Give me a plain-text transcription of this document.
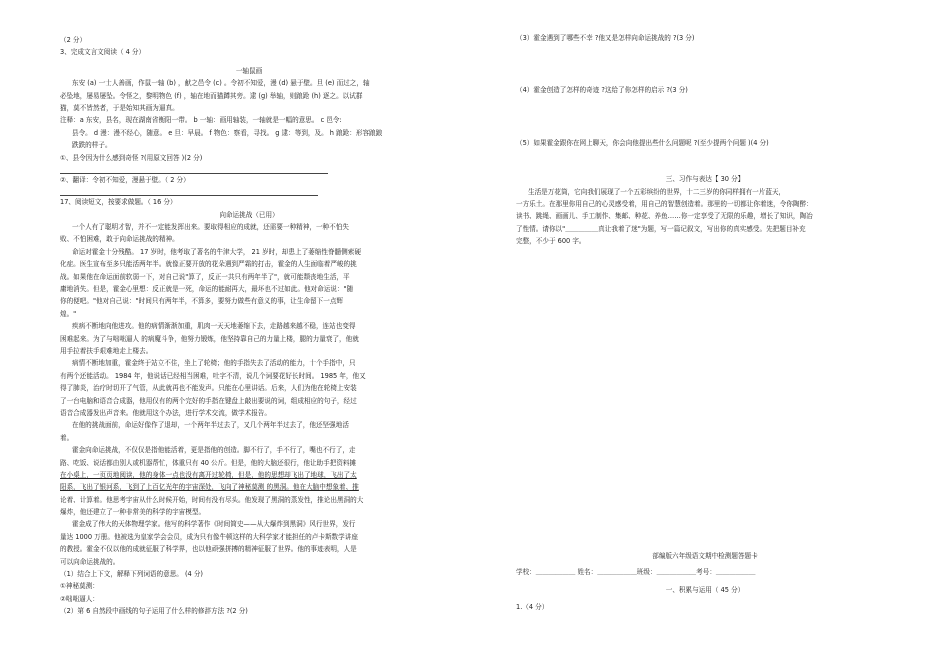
（2 分）
3、完成文言文阅读（ 4 分）
一轴鼠画
东安 (a) 一士人善画，作鼠一轴 (b) ，献之邑令 (c) 。令初不知爱，漫 (d) 悬于壁。旦 (e) 而过之，轴
必坠地，屡易屡坠。令怪之，黎明物色 (f) ，轴在地而猫蹲其旁。逮 (g) 举轴，则踉跄 (h) 逐之。以试群
猫，莫不皆然者，于是始知其画为逼真。
注释：a 东安，县名，现在湖南省衡阳一带。 b 一轴：画用轴装，一轴就是一幅的意思。 c 邑令:
县令。 d 漫：漫不经心，随意。 e 旦：早晨。 f 物色：察看，寻找。 g 逮：等到，及。 h 踉跄：形容踉踉
跌跌的样子。
①、县令因为什么感到奇怪 ?(用原文回答 )(2 分)
②、翻译：令初不知爱，漫悬于壁。（ 2 分）
17、阅读短文，按要求做题。（ 16 分）
向命运挑战（已用）
一个人有了聪明才智，并不一定能发挥出来。要取得相应的成就，还需要一种精神，一种不怕失
败、不怕困难，敢于向命运挑战的精神。
命运对霍金十分残酷。 17 岁时，他考取了著名的牛津大学， 21 岁时，却患上了萎缩性脊髓侧索硬
化症。医生宣布至多只能活两年半。就像正要开放的花朵遇到严霜的打击，霍金的人生面临着严峻的挑
战。如果他在命运面前软弱一下，对自己说"算了，反正一共只有两年半了"，就可能颓丧地生活，平
庸地消失。但是，霍金心里想：反正就是一死，命运的能耐再大，最坏也不过如此。他对命运说："随
你的便吧。"他对自己说："时间只有两年半，不算多，要努力做些有意义的事，让生命留下一点辉
煌。"
疾病不断地向他进攻。他的病情渐渐加重，肌肉一天天地萎缩下去，走路越来越不稳，连站也变得
困难起来。为了与咄咄逼人 的病魔斗争，他努力锻炼，他坚持靠自己的力量上楼，腿的力量衰了，他就
用手拉着扶手艰难地走上楼去。
病情不断地加重，霍金终于站立不住，坐上了轮椅；他的手指失去了活动的能力，十个手指中，只
有两个还能活动。 1984 年，他说话已经相当困难，吐字不清，说几个词要花好长时间。 1985 年，他又
得了肺炎，治疗时切开了气管，从此就再也不能发声。只能在心里讲话。后来，人们为他在轮椅上安装
了一台电脑和语音合成器，他用仅有的两个完好的手指在键盘上敲出要说的词，组成相应的句子，经过
语音合成器发出声音来。他就用这个办法，进行学术交流，做学术报告。
在他的挑战面前，命运好像作了退却，一个两年半过去了，又几个两年半过去了，他还坚强地活
着。
霍金向命运挑战，不仅仅是指他能活着，更是指他的创造。脚不行了，手不行了，嘴也不行了，走
路、吃饭、说话都由别人或机器帮忙，体重只有 40 公斤。但是，他的大脑还很行，他让助手把资料摊
在小桌上，一页页地阅读，他的身体一点也没有离开过轮椅，但是，他的思想却飞出了地球，飞出了太
阳系，飞出了银河系，飞到了上百亿光年的宇宙深处，飞向了神秘莫测 的黑洞。他在大脑中想象着、推
论着、计算着。他思考宇宙从什么时候开始，时间有没有尽头。他发现了黑洞的蒸发性，推论出黑洞的大
爆炸，他还建立了一种非常美的科学的宇宙模型。
霍金成了伟大的天体物理学家。他写的科学著作《时间简史——从大爆炸到黑洞》风行世界，发行
量达 1000 万册。他被选为皇家学会会员，成为只有像牛顿这样的大科学家才能担任的卢卡斯数学讲座
的教授。霍金不仅以他的成就征服了科学界，也以他顽强拼搏的精神征服了世界。他的事迹表明，人是
可以向命运挑战的。
（1）结合上下文，解释下列词语的意思。 (4 分)
①神秘莫测：
②咄咄逼人：
（2）第 6 自然段中画线的句子运用了什么样的修辞方法 ?(2 分)
（3）霍金遇到了哪些不幸 ?他又是怎样向命运挑战的 ?(3 分)
（4）霍金创造了怎样的奇迹 ?这给了你怎样的启示 ?(3 分)
（5）如果霍金跟你在网上聊天，你会向他提出些什么问题呢 ?(至少提两个问题 )(4 分)
三、习作与表达【 30 分】
生活是万花筒，它向我们展现了一个五彩缤纷的世界，十二三岁的你同样拥有一片蓝天，
一方乐土。在那里你用自己的心灵感受着，用自己的智慧创造着。那里的一切都让你着迷，令你陶醉：
读书、跳绳、画画儿、手工制作、集邮、种花、养鱼……你一定享受了无限的乐趣，增长了知识，陶冶
了性情。请你以"＿＿＿＿＿真让我着了迷"为题，写一篇记叙文，写出你的真实感受。先把题目补充
完整，不少于 600 字。
部编版六年级语文期中检测题答题卡
学校：＿＿＿＿＿＿ 姓名：＿＿＿＿＿＿班级：＿＿＿＿＿＿考号：＿＿＿＿＿＿
一、积累与运用（ 45 分）
1.（4 分）
